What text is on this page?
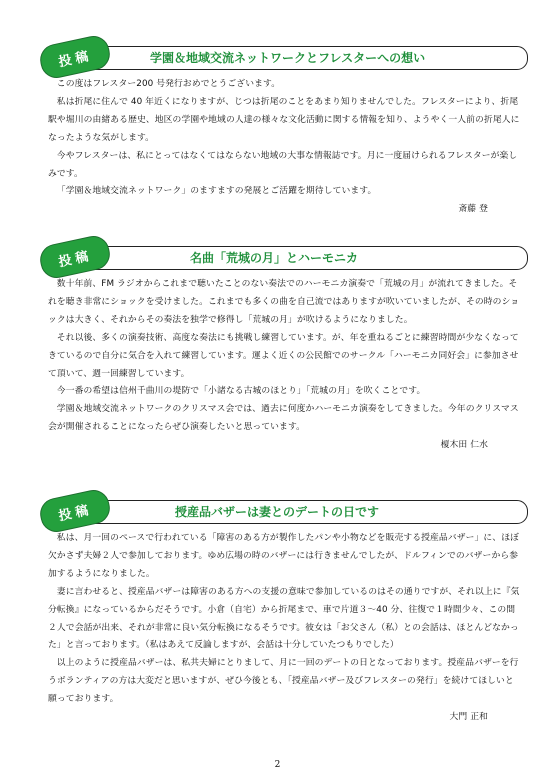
投稿	学園＆地域交流ネットワークとフレスターへの想い

この度はフレスター200 号発行おめでとうございます。

私は折尾に住んで 40 年近くになりますが、じつは折尾のことをあまり知りませんでした。フレスターにより、折尾駅や堀川の由緒ある歴史、地区の学園や地域の人達の様々な文化活動に関する情報を知り、ようやく一人前の折尾人になったような気がします。

今やフレスターは、私にとってはなくてはならない地域の大事な情報誌です。月に一度届けられるフレスターが楽しみです。

「学園＆地域交流ネットワーク」のますますの発展とご活躍を期待しています。

斎藤 登

投稿	名曲「荒城の月」とハーモニカ

数十年前、FM ラジオからこれまで聴いたことのない奏法でのハーモニカ演奏で「荒城の月」が流れてきました。それを聴き非常にショックを受けました。これまでも多くの曲を自己流ではありますが吹いていましたが、その時のショックは大きく、それからその奏法を独学で修得し「荒城の月」が吹けるようになりました。

それ以後、多くの演奏技術、高度な奏法にも挑戦し練習しています。が、年を重ねるごとに練習時間が少なくなってきているので自分に気合を入れて練習しています。運よく近くの公民館でのサークル「ハーモニカ同好会」に参加させて頂いて、週一回練習しています。

今一番の希望は信州千曲川の堤防で「小諸なる古城のほとり」「荒城の月」を吹くことです。

学園＆地域交流ネットワークのクリスマス会では、過去に何度かハーモニカ演奏をしてきました。今年のクリスマス会が開催されることになったらぜひ演奏したいと思っています。

榎木田 仁水

投稿	授産品バザーは妻とのデートの日です

私は、月一回のペースで行われている「障害のある方が製作したパンや小物などを販売する授産品バザー」に、ほぼ欠かさず夫婦２人で参加しております。ゆめ広場の時のバザーには行きませんでしたが、ドルフィンでのバザーから参加するようになりました。

妻に言わせると、授産品バザーは障害のある方への支援の意味で参加しているのはその通りですが、それ以上に『気分転換』になっているからだそうです。小倉（自宅）から折尾まで、車で片道３～40 分、往復で１時間少々、この間２人で会話が出来、それが非常に良い気分転換になるそうです。彼女は「お父さん（私）との会話は、ほとんどなかった」と言っております。（私はあえて反論しますが、会話は十分していたつもりでした）

以上のように授産品バザーは、私共夫婦にとりまして、月に一回のデートの日となっております。授産品バザーを行うボランティアの方は大変だと思いますが、ぜひ今後とも、「授産品バザー及びフレスターの発行」を続けてほしいと願っております。

大門 正和

2
